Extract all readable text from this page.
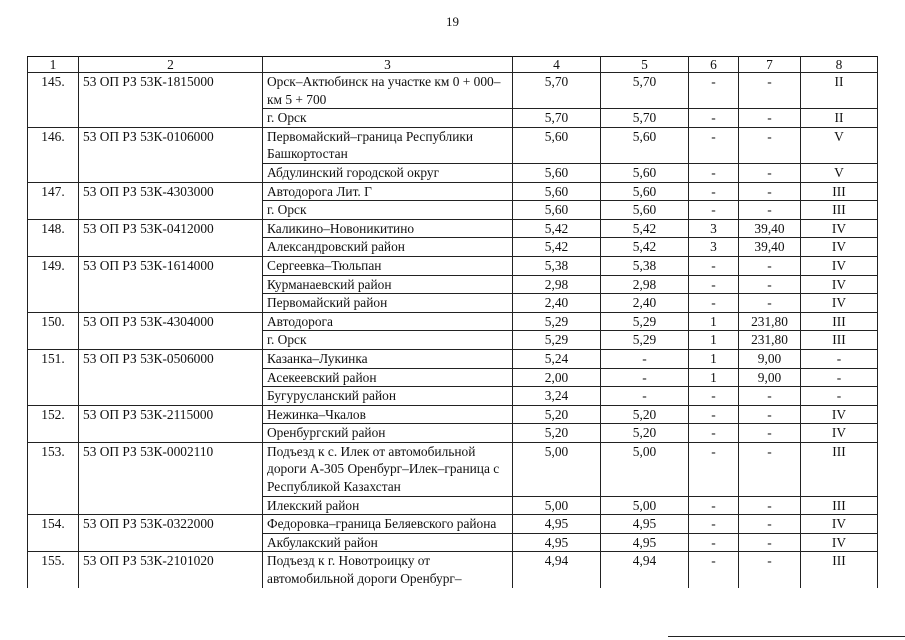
19
1	2	3	4	5	6	7	8
145.	53 ОП РЗ 53К-1815000	Орск–Актюбинск на участке км 0 + 000–км 5 + 700	5,70	5,70	-	-	II
		г. Орск	5,70	5,70	-	-	II
146.	53 ОП РЗ 53К-0106000	Первомайский–граница Республики Башкортостан	5,60	5,60	-	-	V
		Абдулинский городской округ	5,60	5,60	-	-	V
147.	53 ОП РЗ 53К-4303000	Автодорога Лит. Г	5,60	5,60	-	-	III
		г. Орск	5,60	5,60	-	-	III
148.	53 ОП РЗ 53К-0412000	Каликино–Новоникитино	5,42	5,42	3	39,40	IV
		Александровский район	5,42	5,42	3	39,40	IV
149.	53 ОП РЗ 53К-1614000	Сергеевка–Тюльпан	5,38	5,38	-	-	IV
		Курманаевский район	2,98	2,98	-	-	IV
		Первомайский район	2,40	2,40	-	-	IV
150.	53 ОП РЗ 53К-4304000	Автодорога	5,29	5,29	1	231,80	III
		г. Орск	5,29	5,29	1	231,80	III
151.	53 ОП РЗ 53К-0506000	Казанка–Лукинка	5,24	-	1	9,00	-
		Асекеевский район	2,00	-	1	9,00	-
		Бугурусланский район	3,24	-	-	-	-
152.	53 ОП РЗ 53К-2115000	Нежинка–Чкалов	5,20	5,20	-	-	IV
		Оренбургский район	5,20	5,20	-	-	IV
153.	53 ОП РЗ 53К-0002110	Подъезд к с. Илек от автомобильной дороги А-305 Оренбург–Илек–граница с Республикой Казахстан	5,00	5,00	-	-	III
		Илекский район	5,00	5,00	-	-	III
154.	53 ОП РЗ 53К-0322000	Федоровка–граница Беляевского района	4,95	4,95	-	-	IV
		Акбулакский район	4,95	4,95	-	-	IV
155.	53 ОП РЗ 53К-2101020	Подъезд к г. Новотроицку от автомобильной дороги Оренбург–	4,94	4,94	-	-	III
